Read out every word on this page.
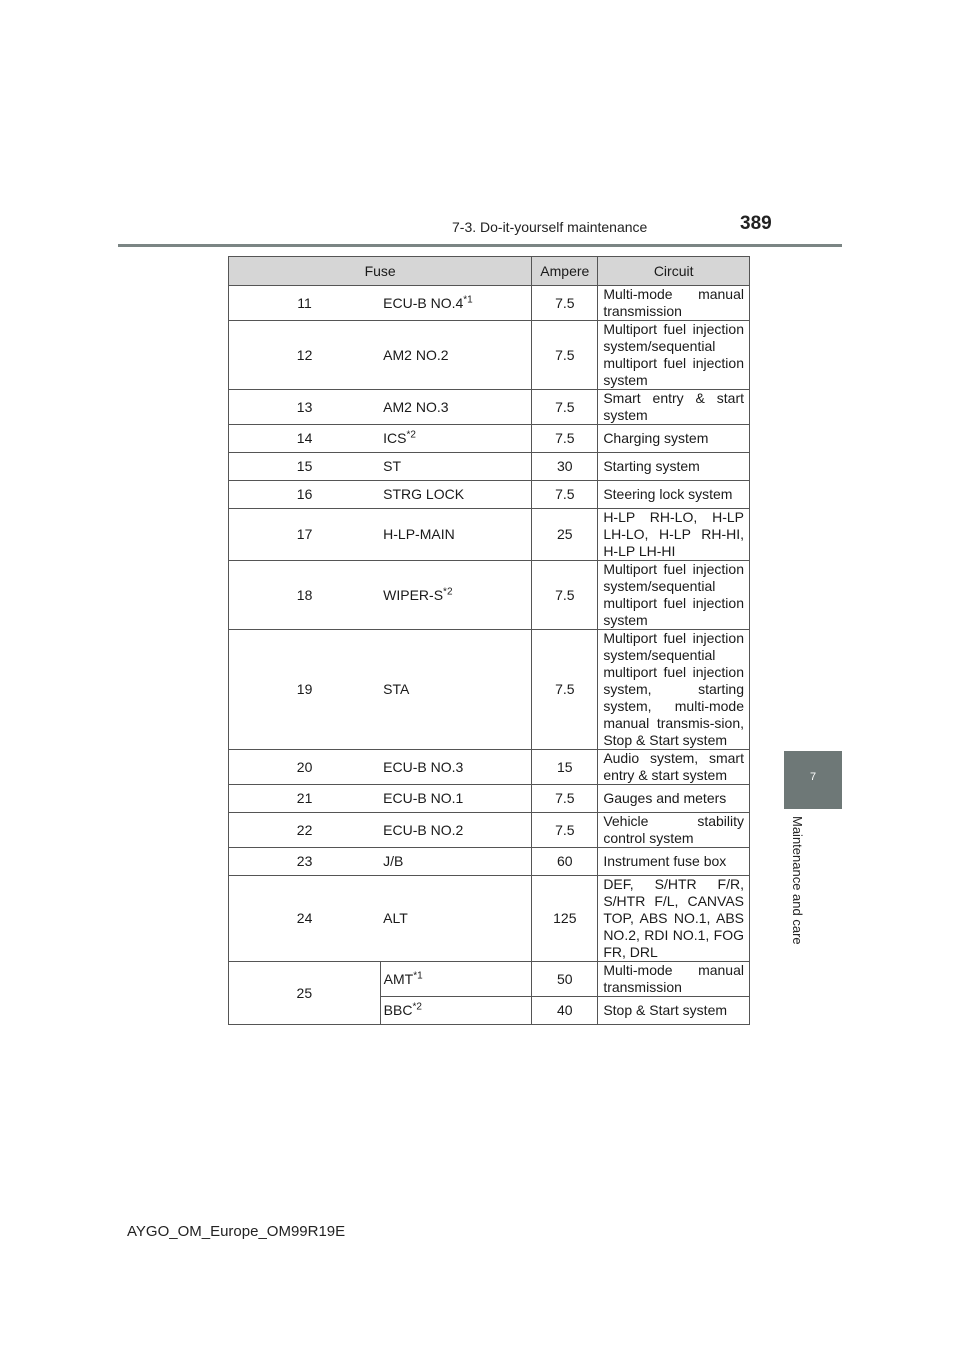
7-3. Do-it-yourself maintenance	389
7
Maintenance and care
Fuse		Ampere	Circuit
11	ECU-B NO.4$^{*1}$	7.5	Multi-mode manual transmission
12	AM2 NO.2	7.5	Multiport fuel injection system/sequential multiport fuel injection system
13	AM2 NO.3	7.5	Smart entry & start system
14	ICS$^{*2}$	7.5	Charging system
15	ST	30	Starting system
16	STRG LOCK	7.5	Steering lock system
17	H-LP-MAIN	25	H-LP RH-LO, H-LP LH-LO, H-LP RH-HI, H-LP LH-HI
18	WIPER-$S^{*2}$	7.5	Multiport fuel injection system/sequential multiport fuel injection system
19	STA	7.5	Multiport fuel injection system/sequential multiport fuel injection system, starting system, multi-mode manual transmis-sion, Stop & Start system
20	ECU-B NO.3	15	Audio system, smart entry & start system
21	ECU-B NO.1	7.5	Gauges and meters
22	ECU-B NO.2	7.5	Vehicle stability control system
23	J/B	60	Instrument fuse box
24	ALT	125	DEF, S/HTR F/R, S/HTR F/L, CANVAS TOP, ABS NO.1, ABS NO.2, RDI NO.1, FOG FR, DRL
25	AMT$^{*1}$	50	Multi-mode manual transmission
	BBC$^{*2}$	40	Stop & Start system
AYGO_OM_Europe_OM99R19E
